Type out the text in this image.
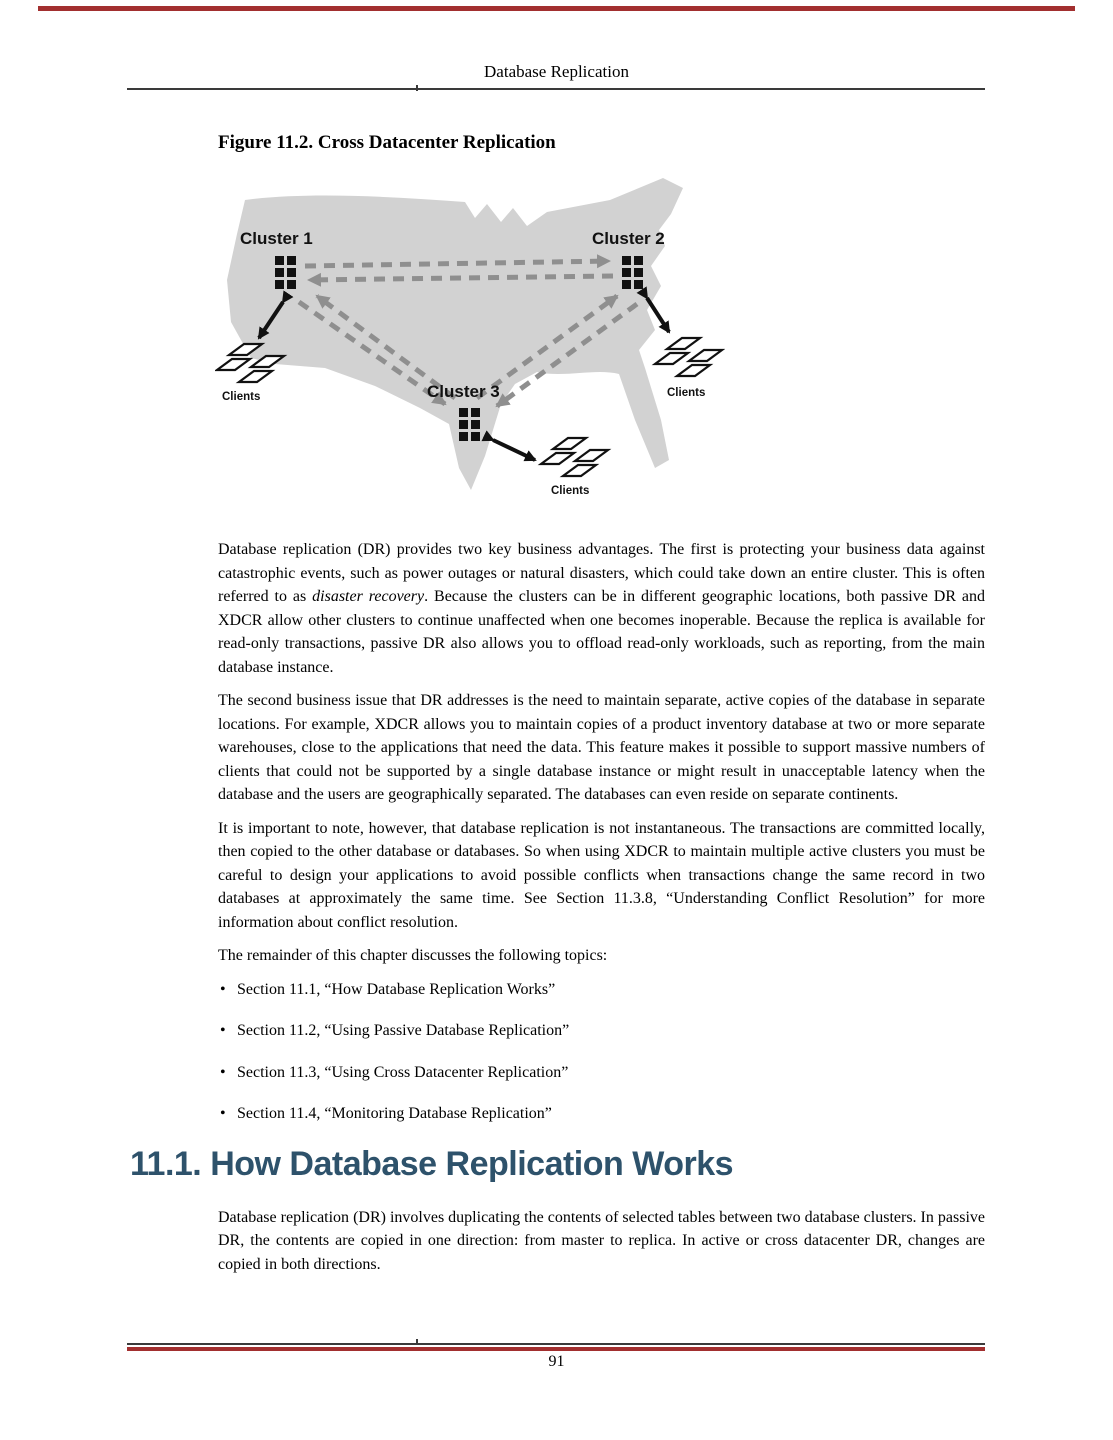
Database Replication
Figure 11.2. Cross Datacenter Replication
Cluster 1	Cluster 2
Cluster 3
Clients	Clients
Clients

Database replication (DR) provides two key business advantages. The first is protecting your business data against catastrophic events, such as power outages or natural disasters, which could take down an entire cluster. This is often referred to as disaster recovery. Because the clusters can be in different geographic locations, both passive DR and XDCR allow other clusters to continue unaffected when one becomes inoperable. Because the replica is available for read-only transactions, passive DR also allows you to offload read-only workloads, such as reporting, from the main database instance.

The second business issue that DR addresses is the need to maintain separate, active copies of the database in separate locations. For example, XDCR allows you to maintain copies of a product inventory database at two or more separate warehouses, close to the applications that need the data. This feature makes it possible to support massive numbers of clients that could not be supported by a single database instance or might result in unacceptable latency when the database and the users are geographically separated. The databases can even reside on separate continents.

It is important to note, however, that database replication is not instantaneous. The transactions are committed locally, then copied to the other database or databases. So when using XDCR to maintain multiple active clusters you must be careful to design your applications to avoid possible conflicts when transactions change the same record in two databases at approximately the same time. See Section 11.3.8, “Understanding Conflict Resolution” for more information about conflict resolution.

The remainder of this chapter discusses the following topics:

• Section 11.1, “How Database Replication Works”
• Section 11.2, “Using Passive Database Replication”
• Section 11.3, “Using Cross Datacenter Replication”
• Section 11.4, “Monitoring Database Replication”
11.1. How Database Replication Works

Database replication (DR) involves duplicating the contents of selected tables between two database clusters. In passive DR, the contents are copied in one direction: from master to replica. In active or cross datacenter DR, changes are copied in both directions.

91
